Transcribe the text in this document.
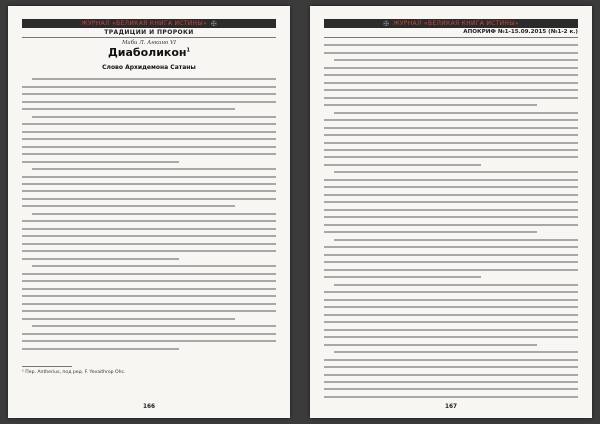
ЖУРНАЛ «ВЕЛИКАЯ КНИГА ИСТИНЫ» ✠
ТРАДИЦИИ И ПРОРОКИ
Маби Л. Анкино VI
Диаболикон$^1$
Слово Архидемона Сатаны
¹ Пер. Antherius, под ред. F. Yevaithrop Ohc.
166
✠ ЖУРНАЛ «ВЕЛИКАЯ КНИГА ИСТИНЫ»
АПОКРИФ №1-15.09.2015 (№1-2 к.)
167
